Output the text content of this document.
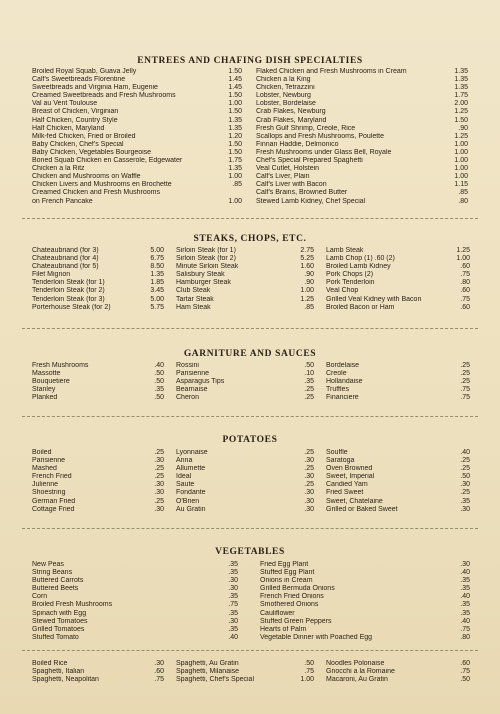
ENTREES AND CHAFING DISH SPECIALTIES
Broiled Royal Squab, Guava Jelly	1.50
Calf's Sweetbreads Florentine	1.45
Sweetbreads and Virginia Ham, Eugenie	1.45
Creamed Sweetbreads and Fresh Mushrooms	1.50
Val au Vent Toulouse	1.00
Breast of Chicken, Virginian	1.50
Half Chicken, Country Style	1.35
Half Chicken, Maryland	1.35
Milk-fed Chicken, Fried or Broiled	1.20
Baby Chicken, Chef's Special	1.50
Baby Chicken, Vegetables Bourgeoise	1.50
Boned Squab Chicken en Casserole, Edgewater	1.75
Chicken a la Ritz	1.35
Chicken and Mushrooms on Waffle	1.00
Chicken Livers and Mushrooms en Brochette	.85
Creamed Chicken and Fresh Mushrooms
on French Pancake	1.00
Flaked Chicken and Fresh Mushrooms in Cream	1.35
Chicken a la King	1.35
Chicken, Tetrazzini	1.35
Lobster, Newburg	1.75
Lobster, Bordelaise	2.00
Crab Flakes, Newburg	1.25
Crab Flakes, Maryland	1.50
Fresh Gulf Shrimp, Creole, Rice	.90
Scallops and Fresh Mushrooms, Poulette	1.25
Finnan Haddie, Delmonico	1.00
Fresh Mushrooms under Glass Bell, Royale	1.00
Chef's Special Prepared Spaghetti	1.00
Veal Cutlet, Holstein	1.00
Calf's Liver, Plain	1.00
Calf's Liver with Bacon	1.15
Calf's Brains, Browned Butter	.85
Stewed Lamb Kidney, Chef Special	.80
STEAKS, CHOPS, ETC.
Chateaubriand (for 3)	5.00
Chateaubriand (for 4)	6.75
Chateaubriand (for 5)	8.50
Filet Mignon	1.35
Tenderloin Steak (for 1)	1.85
Tenderloin Steak (for 2)	3.45
Tenderloin Steak (for 3)	5.00
Porterhouse Steak (for 2)	5.75
Sirloin Steak (for 1)	2.75
Sirloin Steak (for 2)	5.25
Minute Sirloin Steak	1.60
Salisbury Steak	.90
Hamburger Steak	.90
Club Steak	1.00
Tartar Steak	1.25
Ham Steak	.85
Lamb Steak	1.25
Lamb Chop (1) .60 (2)	1.00
Broiled Lamb Kidney	.60
Pork Chops (2)	.75
Pork Tenderloin	.80
Veal Chop	.60
Grilled Veal Kidney with Bacon	.75
Broiled Bacon or Ham	.60
GARNITURE AND SAUCES
Fresh Mushrooms	.40
Massotte	.50
Bouquetiere	.50
Stanley	.35
Planked	.50
Rossini	.50
Parisienne	.10
Asparagus Tips	.35
Bearnaise	.25
Cheron	.25
Bordelaise	.25
Creole	.25
Hollandaise	.25
Truffles	.75
Financiere	.75
POTATOES
Boiled	.25
Parisienne	.30
Mashed	.25
French Fried	.25
Julienne	.30
Shoestring	.30
German Fried	.25
Cottage Fried	.30
Lyonnaise	.25
Anna	.30
Allumette	.25
Ideal	.30
Saute	.25
Fondante	.30
O'Brien	.30
Au Gratin	.30
Souffle	.40
Saratoga	.25
Oven Browned	.25
Sweet, Imperial	.50
Candied Yam	.30
Fried Sweet	.25
Sweet, Chatelaine	.35
Grilled or Baked Sweet	.30
VEGETABLES
New Peas	.35
String Beans	.35
Buttered Carrots	.30
Buttered Beets	.30
Corn	.35
Broiled Fresh Mushrooms	.75
Spinach with Egg	.35
Stewed Tomatoes	.30
Grilled Tomatoes	.35
Stuffed Tomato	.40
Fried Egg Plant	.30
Stuffed Egg Plant	.40
Onions in Cream	.35
Grilled Bermuda Onions	.35
French Fried Onions	.40
Smothered Onions	.35
Cauliflower	.35
Stuffed Green Peppers	.40
Hearts of Palm	.75
Vegetable Dinner with Poached Egg	.80
Boiled Rice	.30
Spaghetti, Italian	.60
Spaghetti, Neapolitan	.75
Spaghetti, Au Gratin	.50
Spaghetti, Milanaise	.75
Spaghetti, Chef's Special	1.00
Noodles Polonaise	.60
Gnocchi a la Romaine	.75
Macaroni, Au Gratin	.50
